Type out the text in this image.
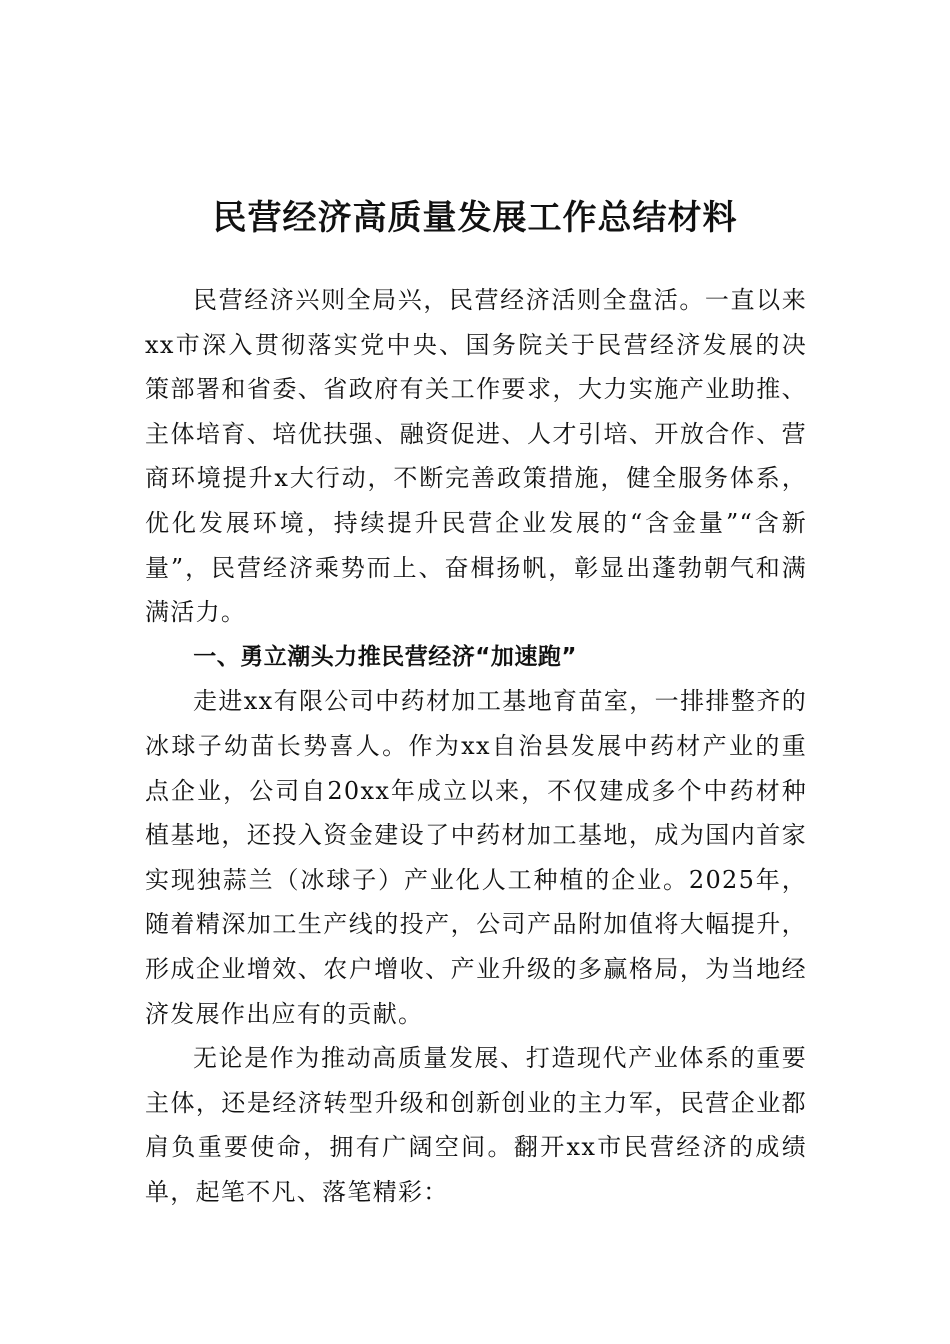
民营经济高质量发展工作总结材料

民营经济兴则全局兴，民营经济活则全盘活。一直以来xx市深入贯彻落实党中央、国务院关于民营经济发展的决策部署和省委、省政府有关工作要求，大力实施产业助推、主体培育、培优扶强、融资促进、人才引培、开放合作、营商环境提升x大行动，不断完善政策措施，健全服务体系，优化发展环境，持续提升民营企业发展的“含金量”“含新量”，民营经济乘势而上、奋楫扬帆，彰显出蓬勃朝气和满满活力。

一、勇立潮头力推民营经济“加速跑”

走进xx有限公司中药材加工基地育苗室，一排排整齐的冰球子幼苗长势喜人。作为xx自治县发展中药材产业的重点企业，公司自20xx年成立以来，不仅建成多个中药材种植基地，还投入资金建设了中药材加工基地，成为国内首家实现独蒜兰（冰球子）产业化人工种植的企业。2025年，随着精深加工生产线的投产，公司产品附加值将大幅提升，形成企业增效、农户增收、产业升级的多赢格局，为当地经济发展作出应有的贡献。

无论是作为推动高质量发展、打造现代产业体系的重要主体，还是经济转型升级和创新创业的主力军，民营企业都肩负重要使命，拥有广阔空间。翻开xx市民营经济的成绩单，起笔不凡、落笔精彩：
